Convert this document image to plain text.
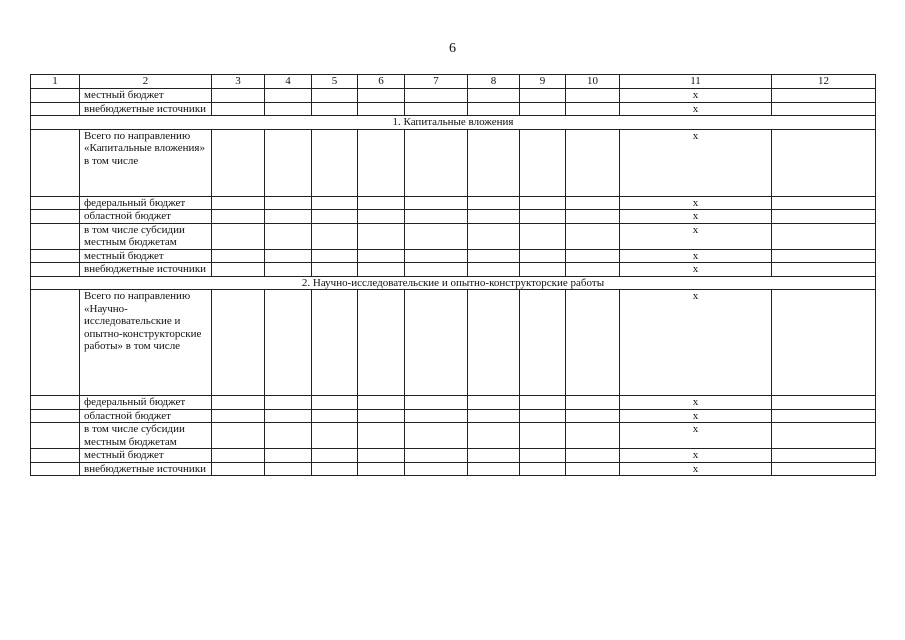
6
1	2	3	4	5	6	7	8	9	10	11	12
	местный бюджет									x	
	внебюджетные источники									x	
1. Капитальные вложения											
	Всего по направлению «Капитальные вложения» в том числе									x	
	федеральный бюджет									x	
	областной бюджет									x	
	в том числе субсидии местным бюджетам									x	
	местный бюджет									x	
	внебюджетные источники									x	
2. Научно-исследовательские и опытно-конструкторские работы											
	Всего по направлению «Научно-исследовательские и опытно-конструкторские работы» в том числе									x	
	федеральный бюджет									x	
	областной бюджет									x	
	в том числе субсидии местным бюджетам									x	
	местный бюджет									x	
	внебюджетные источники									x	
